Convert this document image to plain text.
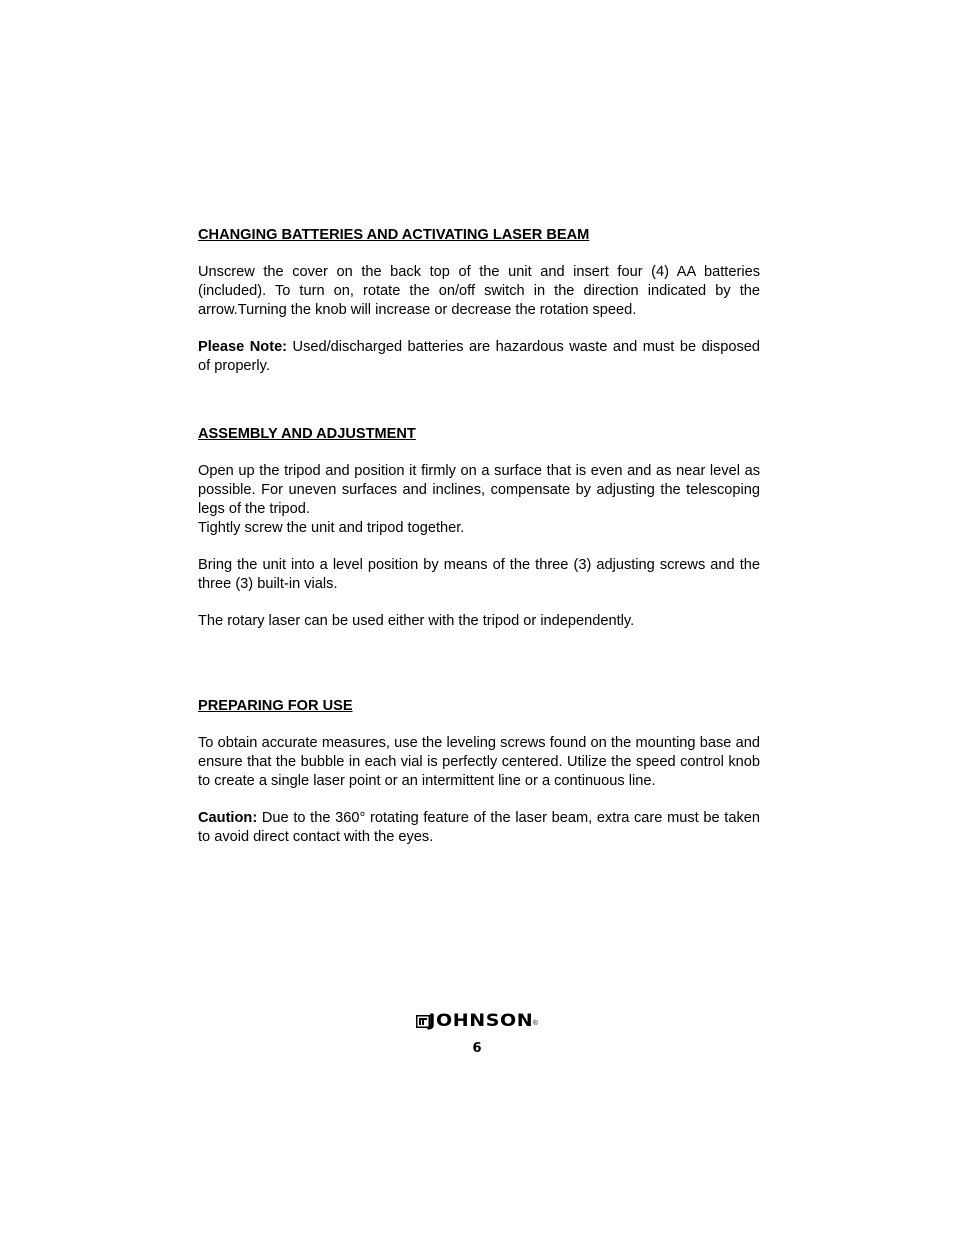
CHANGING BATTERIES AND ACTIVATING LASER BEAM

Unscrew the cover on the back top of the unit and insert four (4) AA batteries (included). To turn on, rotate the on/off switch in the direction indicated by the arrow.Turning the knob will increase or decrease the rotation speed.

Please Note: Used/discharged batteries are hazardous waste and must be disposed of properly.

ASSEMBLY AND ADJUSTMENT

Open up the tripod and position it firmly on a surface that is even and as near level as possible. For uneven surfaces and inclines, compensate by adjusting the telescoping legs of the tripod.

Tightly screw the unit and tripod together.

Bring the unit into a level position by means of the three (3) adjusting screws and the three (3) built-in vials.

The rotary laser can be used either with the tripod or independently.

PREPARING FOR USE

To obtain accurate measures, use the leveling screws found on the mounting base and ensure that the bubble in each vial is perfectly centered. Utilize the speed control knob to create a single laser point or an intermittent line or a continuous line.

Caution: Due to the 360° rotating feature of the laser beam, extra care must be taken to avoid direct contact with the eyes.

JOHNSON ®
6
